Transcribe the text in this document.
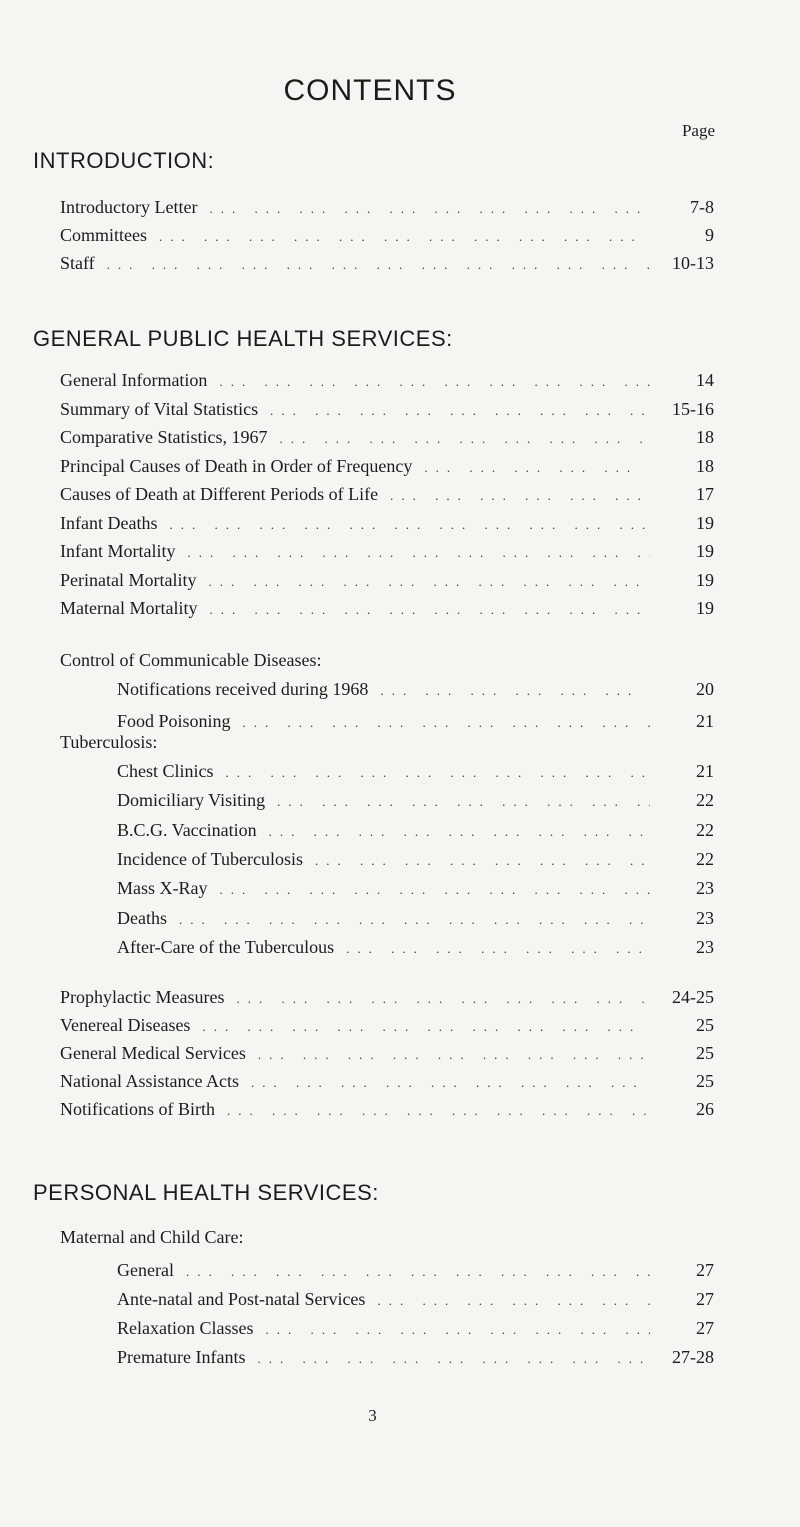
CONTENTS
Page
INTRODUCTION:
Introductory Letter ... .	7-8
Committees ... .	9
Staff ... .	10-13
GENERAL PUBLIC HEALTH SERVICES:
General Information ... .	14
Summary of Vital Statistics ... .	15-16
Comparative Statistics, 1967 ... .	18
Principal Causes of Death in Order of Frequency ... .	18
Causes of Death at Different Periods of Life ... .	17
Infant Deaths ... .	19
Infant Mortality ... .	19
Perinatal Mortality ... .	19
Maternal Mortality ... .	19
Control of Communicable Diseases:
Notifications received during 1968 ... .	20
Food Poisoning ... .	21
Tuberculosis:
Chest Clinics ... .	21
Domiciliary Visiting ... .	22
B.C.G. Vaccination ... .	22
Incidence of Tuberculosis ... .	22
Mass X-Ray ... .	23
Deaths ... .	23
After-Care of the Tuberculous ... .	23
Prophylactic Measures ... .	24-25
Venereal Diseases ... .	25
General Medical Services ... .	25
National Assistance Acts ... .	25
Notifications of Birth ... .	26
PERSONAL HEALTH SERVICES:
Maternal and Child Care:
General ... .	27
Ante-natal and Post-natal Services ... .	27
Relaxation Classes ... .	27
Premature Infants ... .	27-28
3
